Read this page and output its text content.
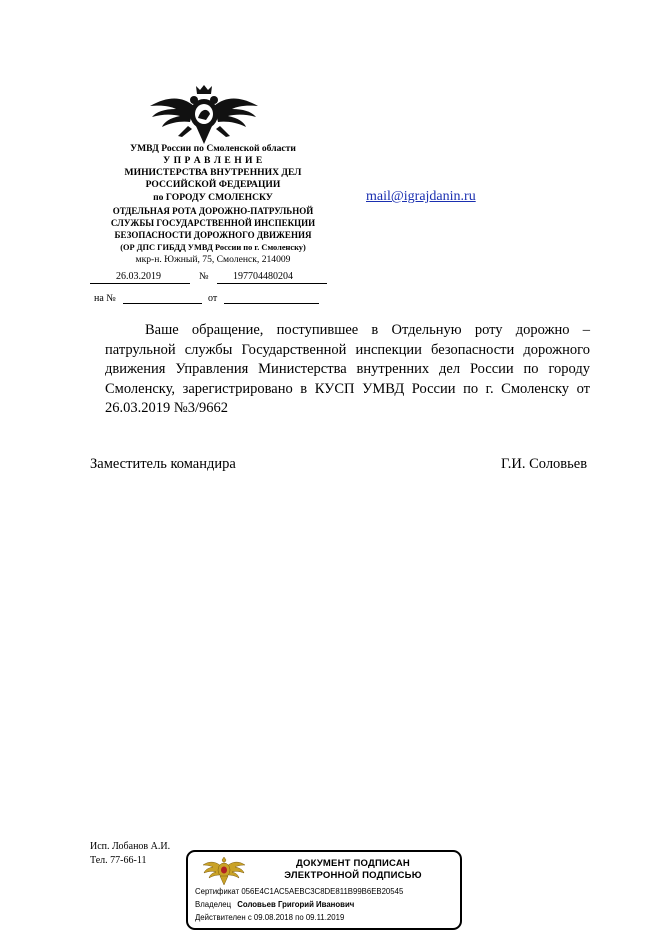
УМВД России по Смоленской области
У П Р А В Л Е Н И Е
МИНИСТЕРСТВА ВНУТРЕННИХ ДЕЛ
РОССИЙСКОЙ ФЕДЕРАЦИИ
по ГОРОДУ СМОЛЕНСКУ
ОТДЕЛЬНАЯ РОТА ДОРОЖНО-ПАТРУЛЬНОЙ
СЛУЖБЫ ГОСУДАРСТВЕННОЙ ИНСПЕКЦИИ
БЕЗОПАСНОСТИ ДОРОЖНОГО ДВИЖЕНИЯ
(ОР ДПС ГИБДД УМВД России по г. Смоленску)
мкр-н. Южный, 75, Смоленск, 214009
mail@igrajdanin.ru
26.03.2019	№ 197704480204
на №	от
Ваше обращение, поступившее в Отдельную роту дорожно – патрульной службы Государственной инспекции безопасности дорожного движения Управления Министерства внутренних дел России по городу Смоленску, зарегистрировано в КУСП УМВД России по г. Смоленску от 26.03.2019 №3/9662
Заместитель командира	Г.И. Соловьев
Исп. Лобанов А.И.
Тел. 77-66-11	ДОКУМЕНТ ПОДПИСАН
ЭЛЕКТРОННОЙ ПОДПИСЬЮ
Сертификат 056E4C1AC5AEBC3C8DE811B99B6EB20545
Владелец Соловьев Григорий Иванович
Действителен с 09.08.2018 по 09.11.2019
